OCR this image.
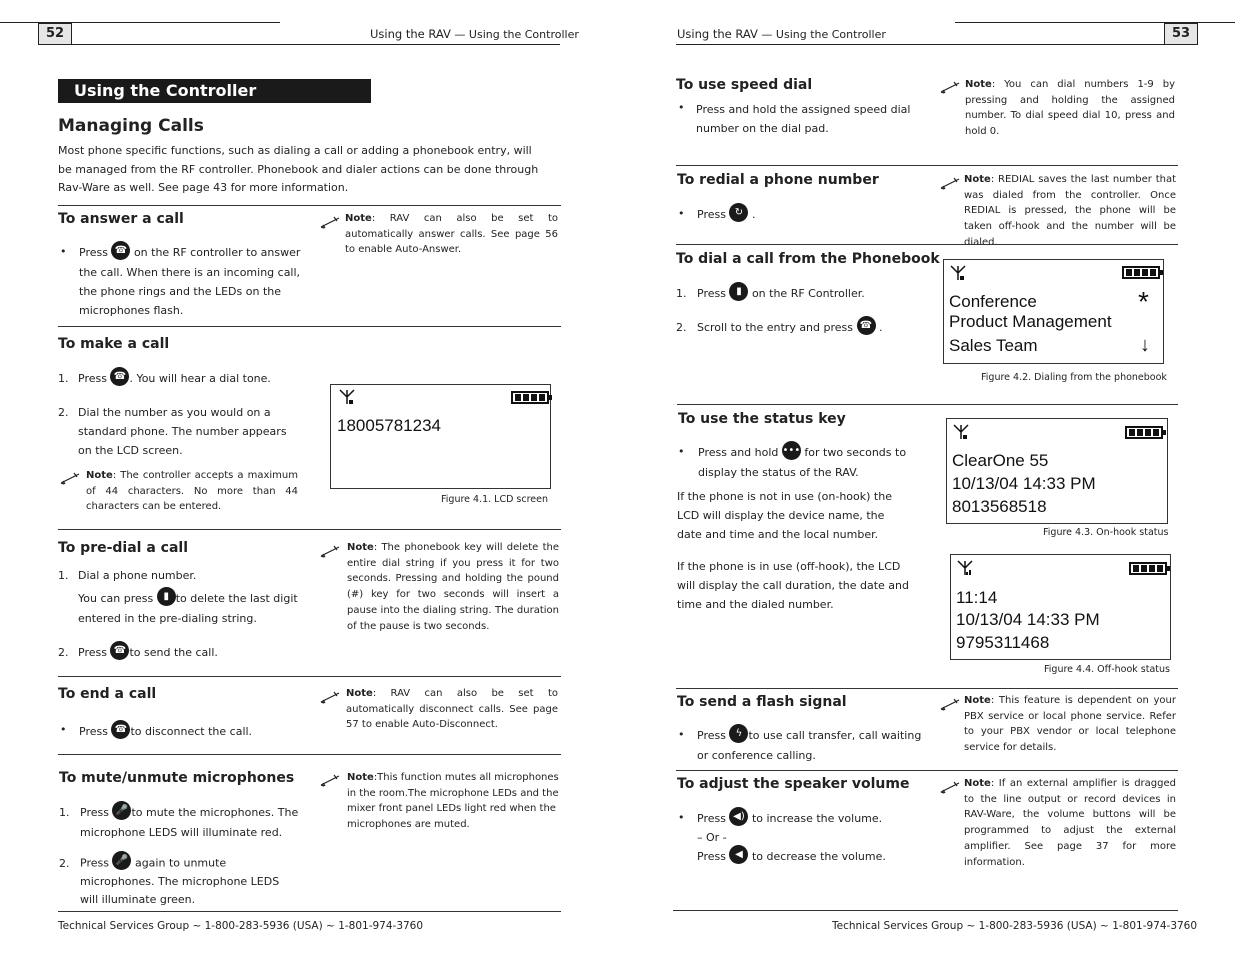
52	Using the RAV — Using the Controller
Using the Controller
Managing Calls
Most phone specific functions, such as dialing a call or adding a phonebook entry, will be managed from the RF controller. Phonebook and dialer actions can be done through Rav-Ware as well. See page 43 for more information.
To answer a call
• Press ☎ on the RF controller to answer the call. When there is an incoming call, the phone rings and the LEDs on the microphones flash.
Note: RAV can also be set to automatically answer calls. See page 56 to enable Auto-Answer.
To make a call
1. Press ☎ . You will hear a dial tone.
2. Dial the number as you would on a standard phone. The number appears on the LCD screen.
Note: The controller accepts a maximum of 44 characters. No more than 44 characters can be entered.
18005781234
Figure 4.1. LCD screen
To pre-dial a call
1. Dial a phone number.
You can press ▮ to delete the last digit entered in the pre-dialing string.
2. Press ☎ to send the call.
Note: The phonebook key will delete the entire dial string if you press it for two seconds. Pressing and holding the pound (#) key for two seconds will insert a pause into the dialing string. The duration of the pause is two seconds.
To end a call
• Press ☎ to disconnect the call.
Note: RAV can also be set to automatically disconnect calls. See page 57 to enable Auto-Disconnect.
To mute/unmute microphones
1. Press 🎤 to mute the microphones. The microphone LEDS will illuminate red.
2. Press 🎤 again to unmute microphones. The microphone LEDS will illuminate green.
Note:This function mutes all microphones in the room.The microphone LEDs and the mixer front panel LEDs light red when the microphones are muted.
Technical Services Group ~ 1-800-283-5936 (USA) ~ 1-801-974-3760
53
Using the RAV — Using the Controller
To use speed dial
• Press and hold the assigned speed dial number on the dial pad.
Note: You can dial numbers 1-9 by pressing and holding the assigned number. To dial speed dial 10, press and hold 0.
To redial a phone number
• Press ↻ .
Note: REDIAL saves the last number that was dialed from the controller. Once REDIAL is pressed, the phone will be taken off-hook and the number will be dialed.
To dial a call from the Phonebook
1. Press ▮ on the RF Controller.
2. Scroll to the entry and press ☎ .
Conference
Product Management
Sales Team
*
↓
Figure 4.2. Dialing from the phonebook
To use the status key
• Press and hold ••• for two seconds to display the status of the RAV.
If the phone is not in use (on-hook) the LCD will display the device name, the date and time and the local number.
If the phone is in use (off-hook), the LCD will display the call duration, the date and time and the dialed number.
ClearOne 55
10/13/04 14:33 PM
8013568518
Figure 4.3. On-hook status
11:14
10/13/04 14:33 PM
9795311468
Figure 4.4. Off-hook status
To send a flash signal
• Press ϟ to use call transfer, call waiting or conference calling.
Note: This feature is dependent on your PBX service or local phone service. Refer to your PBX vendor or local telephone service for details.
To adjust the speaker volume
• Press ◀) to increase the volume.
– Or -
Press ◀ to decrease the volume.
Note: If an external amplifier is dragged to the line output or record devices in RAV-Ware, the volume buttons will be programmed to adjust the external amplifier. See page 37 for more information.
Technical Services Group ~ 1-800-283-5936 (USA) ~ 1-801-974-3760
